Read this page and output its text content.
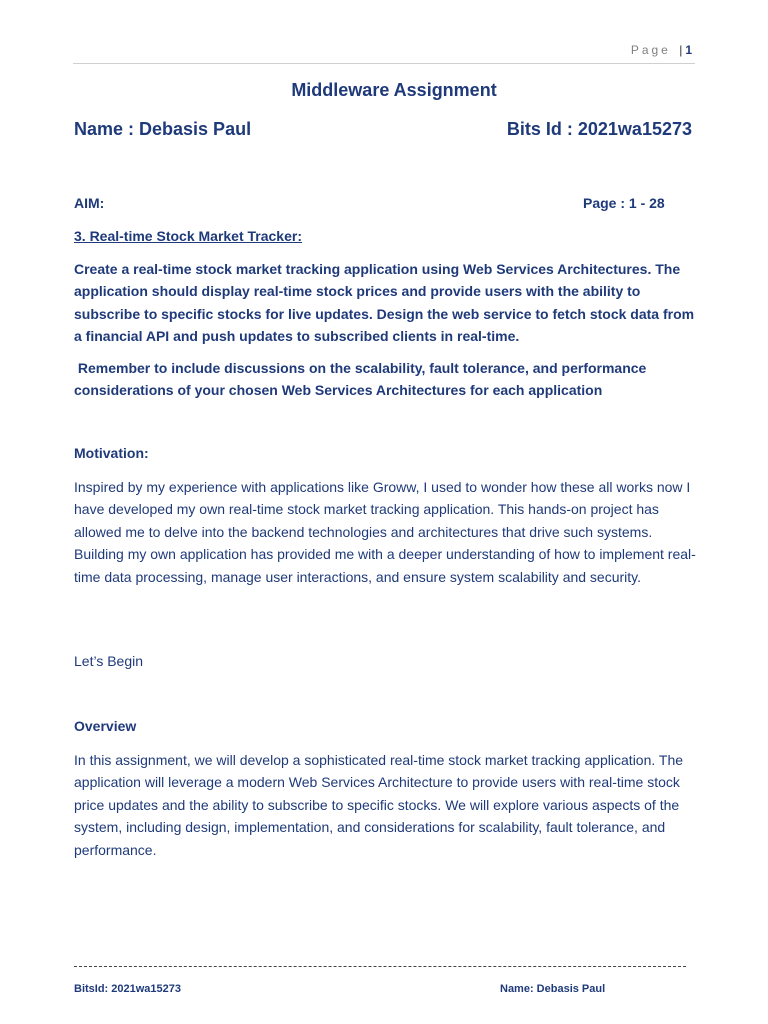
Page | 1
Middleware Assignment
Name : Debasis Paul	Bits Id : 2021wa15273
AIM:	Page : 1 - 28
3. Real-time Stock Market Tracker:
Create a real-time stock market tracking application using Web Services Architectures. The application should display real-time stock prices and provide users with the ability to subscribe to specific stocks for live updates. Design the web service to fetch stock data from a financial API and push updates to subscribed clients in real-time.
Remember to include discussions on the scalability, fault tolerance, and performance considerations of your chosen Web Services Architectures for each application
Motivation:
Inspired by my experience with applications like Groww, I used to wonder how these all works now I have developed my own real-time stock market tracking application. This hands-on project has allowed me to delve into the backend technologies and architectures that drive such systems. Building my own application has provided me with a deeper understanding of how to implement real-time data processing, manage user interactions, and ensure system scalability and security.
Let’s Begin
Overview
In this assignment, we will develop a sophisticated real-time stock market tracking application. The application will leverage a modern Web Services Architecture to provide users with real-time stock price updates and the ability to subscribe to specific stocks. We will explore various aspects of the system, including design, implementation, and considerations for scalability, fault tolerance, and performance.
BitsId: 2021wa15273	Name: Debasis Paul
